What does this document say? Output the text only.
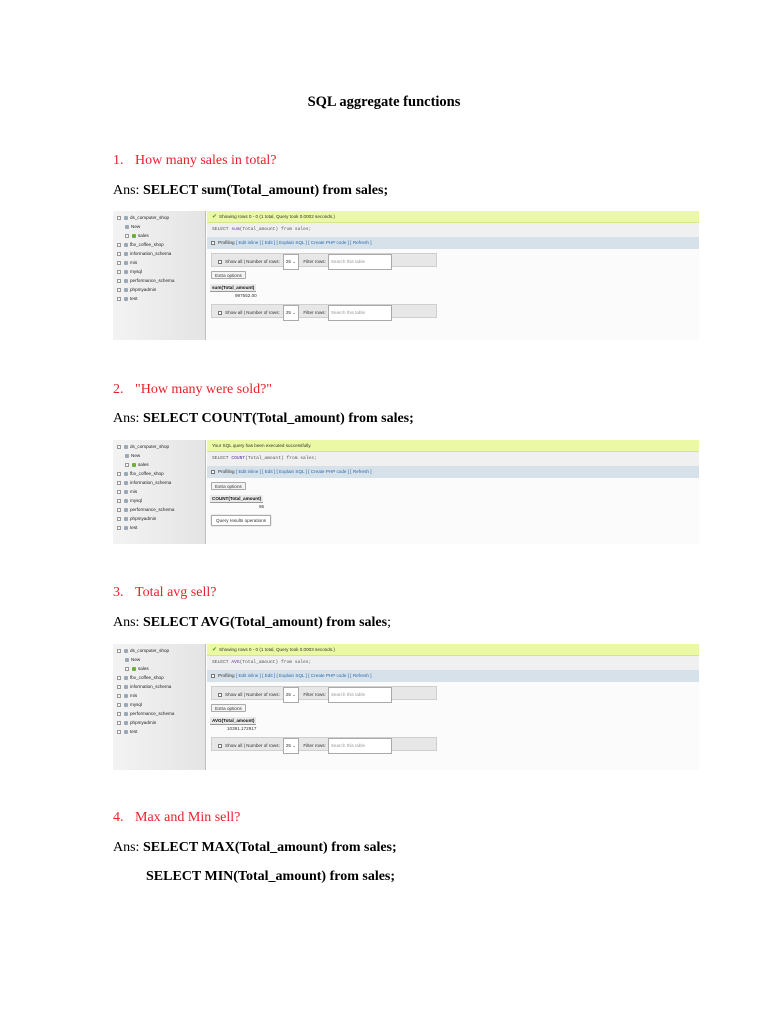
SQL aggregate functions
1. How many sales in total?
Ans: SELECT sum(Total_amount) from sales;
ds_computer_shop
New
sales
fbx_coffee_shop
information_schema
mis
mysql
performance_schema
phpmyadmin
test
✔ Showing rows 0 - 0 (1 total, Query took 0.0002 seconds.)
SELECT sum(Total_amount) from sales;
Profiling [ Edit inline ] [ Edit ] [ Explain SQL ] [ Create PHP code ] [ Refresh ]
Show all | Number of rows: 25 ⌄ Filter rows: Search this table
Extra options
sum(Total_amount)
997552.00
Show all | Number of rows: 25 ⌄ Filter rows: Search this table
2. "How many were sold?"
Ans: SELECT COUNT(Total_amount) from sales;
ds_computer_shop
New
sales
fbx_coffee_shop
information_schema
mis
mysql
performance_schema
phpmyadmin
test
Your SQL query has been executed successfully.
SELECT COUNT(Total_amount) from sales;
Profiling [ Edit inline ] [ Edit ] [ Explain SQL ] [ Create PHP code ] [ Refresh ]
Extra options
COUNT(Total_amount)
95
Query results operations
3. Total avg sell?
Ans: SELECT AVG(Total_amount) from sales;
ds_computer_shop
New
sales
fbx_coffee_shop
information_schema
mis
mysql
performance_schema
phpmyadmin
test
✔ Showing rows 0 - 0 (1 total, Query took 0.0003 seconds.)
SELECT AVG(Total_amount) from sales;
Profiling [ Edit inline ] [ Edit ] [ Explain SQL ] [ Create PHP code ] [ Refresh ]
Show all | Number of rows: 25 ⌄ Filter rows: Search this table
Extra options
AVG(Total_amount)
10391.172917
Show all | Number of rows: 25 ⌄ Filter rows: Search this table
4. Max and Min sell?
Ans: SELECT MAX(Total_amount) from sales;
SELECT MIN(Total_amount) from sales;
